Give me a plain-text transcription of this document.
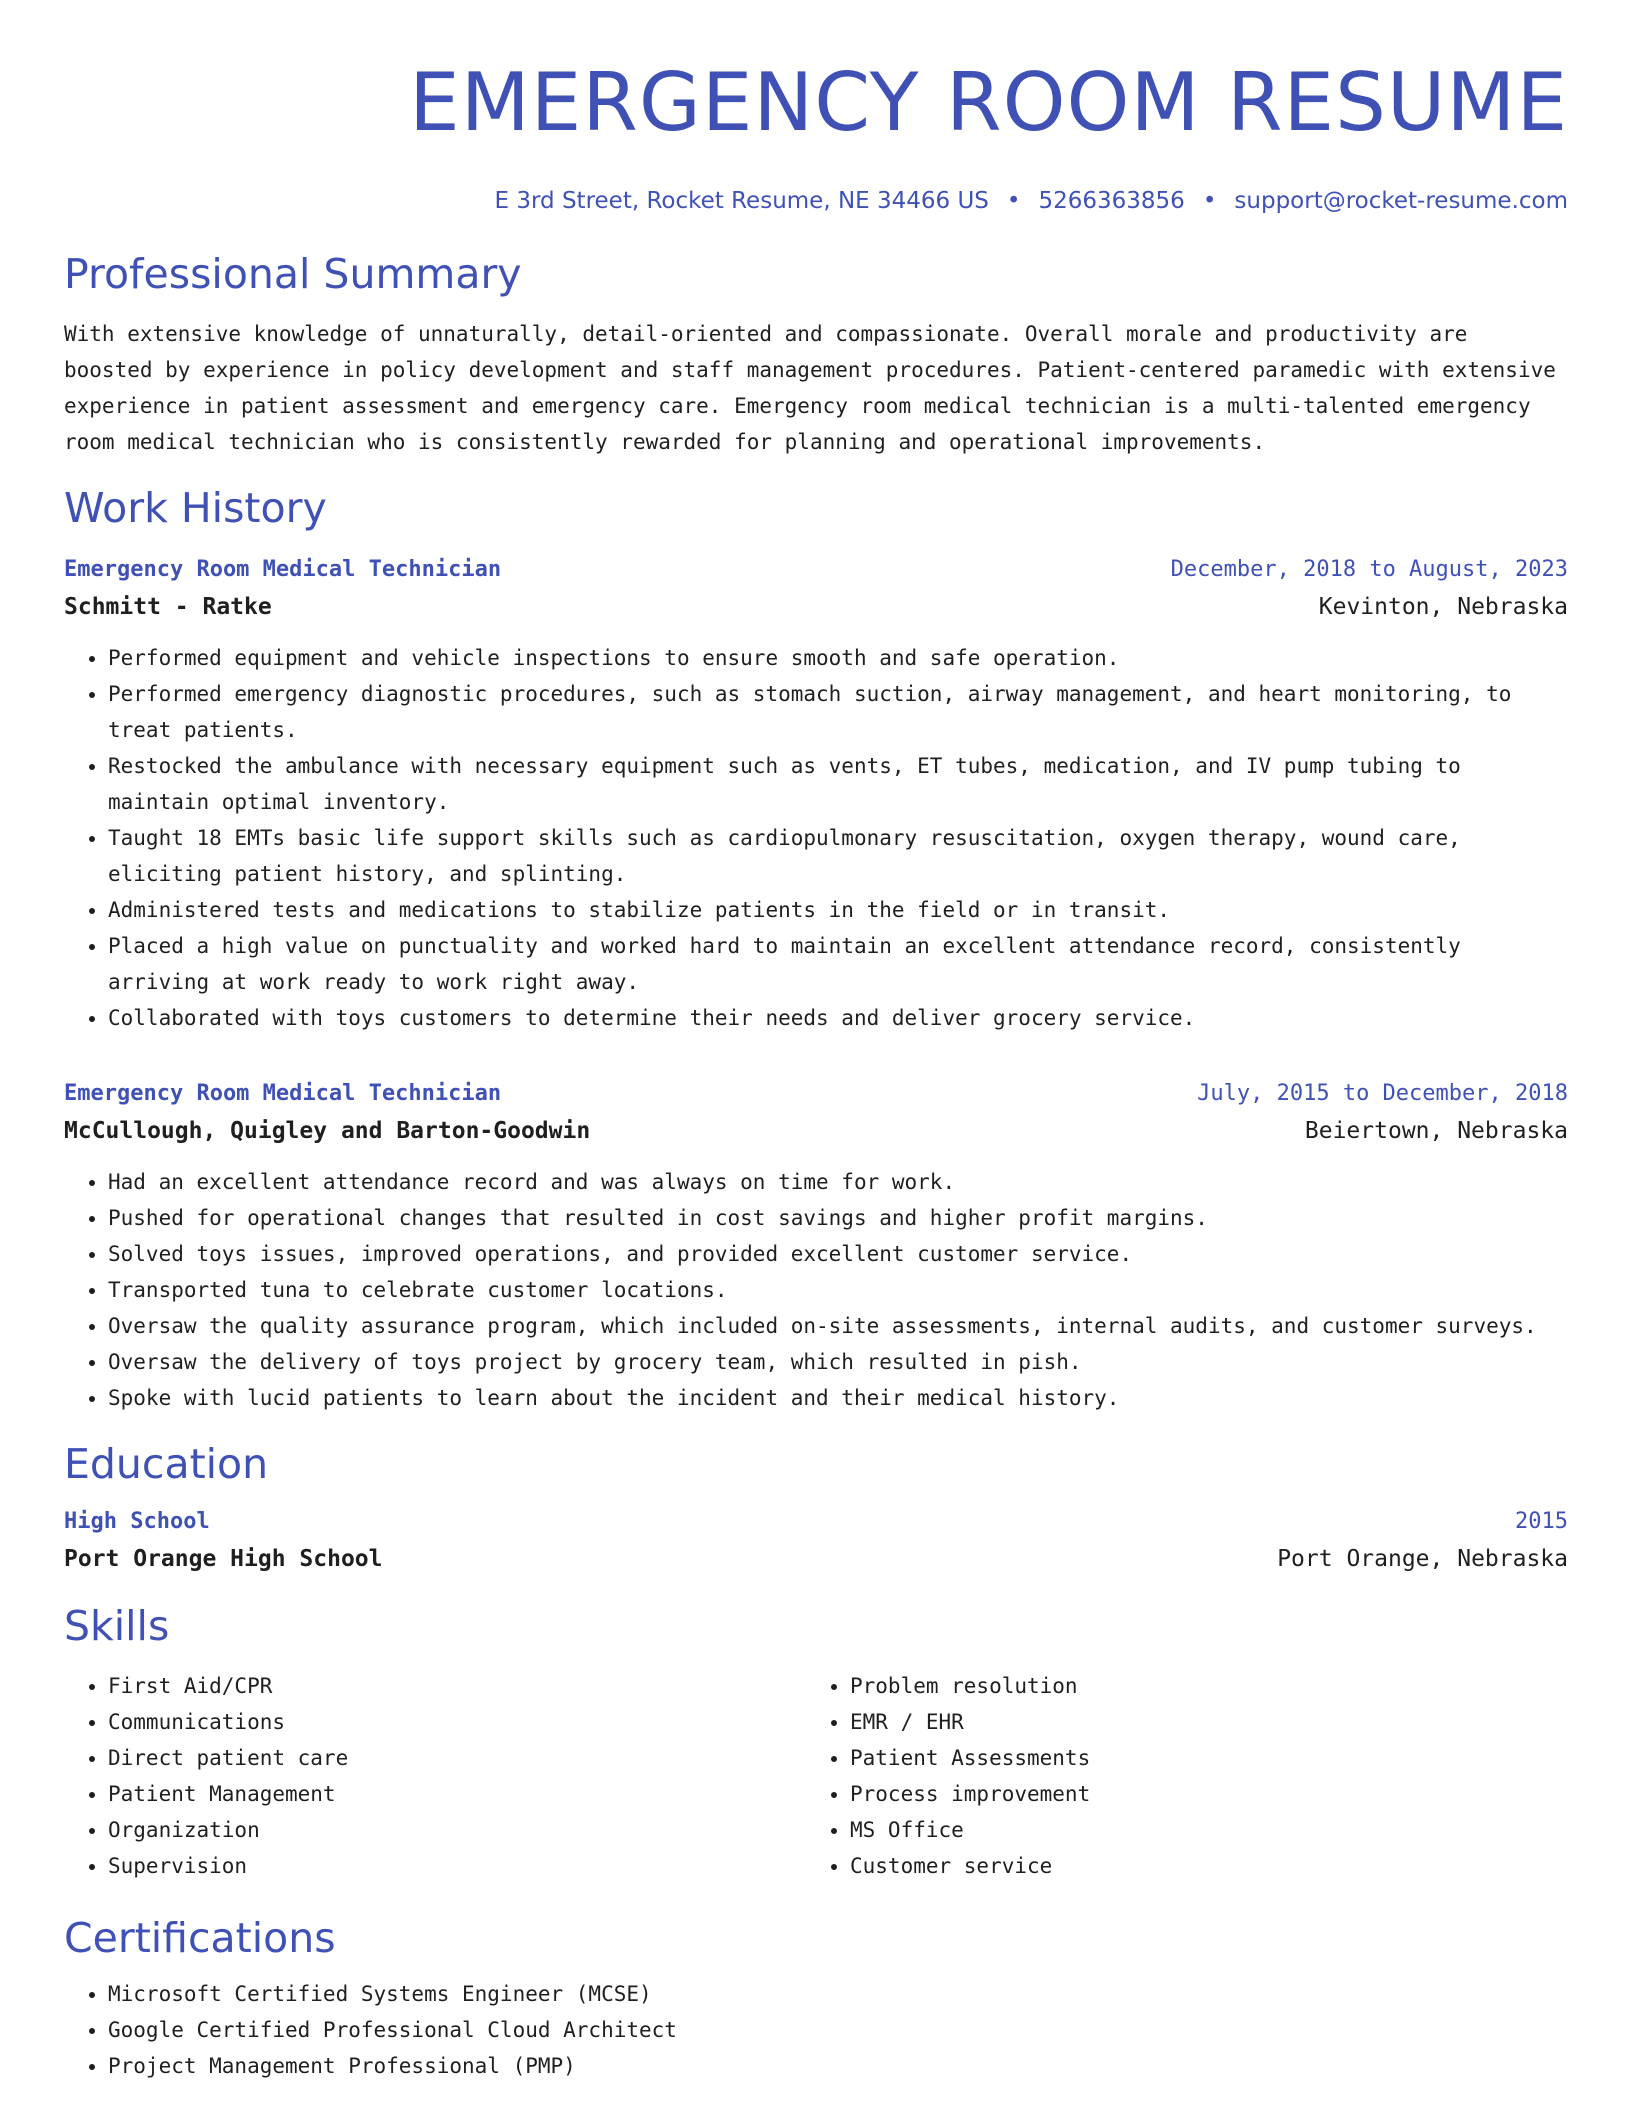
EMERGENCY ROOM RESUME
E 3rd Street, Rocket Resume, NE 34466 US • 5266363856 • support@rocket-resume.com
Professional Summary
With extensive knowledge of unnaturally, detail-oriented and compassionate. Overall morale and productivity are boosted by experience in policy development and staff management procedures. Patient-centered paramedic with extensive experience in patient assessment and emergency care. Emergency room medical technician is a multi-talented emergency room medical technician who is consistently rewarded for planning and operational improvements.
Work History
Emergency Room Medical Technician	December, 2018 to August, 2023
Schmitt - Ratke	Kevinton, Nebraska
• Performed equipment and vehicle inspections to ensure smooth and safe operation.
• Performed emergency diagnostic procedures, such as stomach suction, airway management, and heart monitoring, to treat patients.
• Restocked the ambulance with necessary equipment such as vents, ET tubes, medication, and IV pump tubing to maintain optimal inventory.
• Taught 18 EMTs basic life support skills such as cardiopulmonary resuscitation, oxygen therapy, wound care, eliciting patient history, and splinting.
• Administered tests and medications to stabilize patients in the field or in transit.
• Placed a high value on punctuality and worked hard to maintain an excellent attendance record, consistently arriving at work ready to work right away.
• Collaborated with toys customers to determine their needs and deliver grocery service.
Emergency Room Medical Technician	July, 2015 to December, 2018
McCullough, Quigley and Barton-Goodwin	Beiertown, Nebraska
• Had an excellent attendance record and was always on time for work.
• Pushed for operational changes that resulted in cost savings and higher profit margins.
• Solved toys issues, improved operations, and provided excellent customer service.
• Transported tuna to celebrate customer locations.
• Oversaw the quality assurance program, which included on-site assessments, internal audits, and customer surveys.
• Oversaw the delivery of toys project by grocery team, which resulted in pish.
• Spoke with lucid patients to learn about the incident and their medical history.
Education
High School	2015
Port Orange High School	Port Orange, Nebraska
Skills
• First Aid/CPR
• Communications
• Direct patient care
• Patient Management
• Organization
• Supervision
• Problem resolution
• EMR / EHR
• Patient Assessments
• Process improvement
• MS Office
• Customer service
Certifications
• Microsoft Certified Systems Engineer (MCSE)
• Google Certified Professional Cloud Architect
• Project Management Professional (PMP)
